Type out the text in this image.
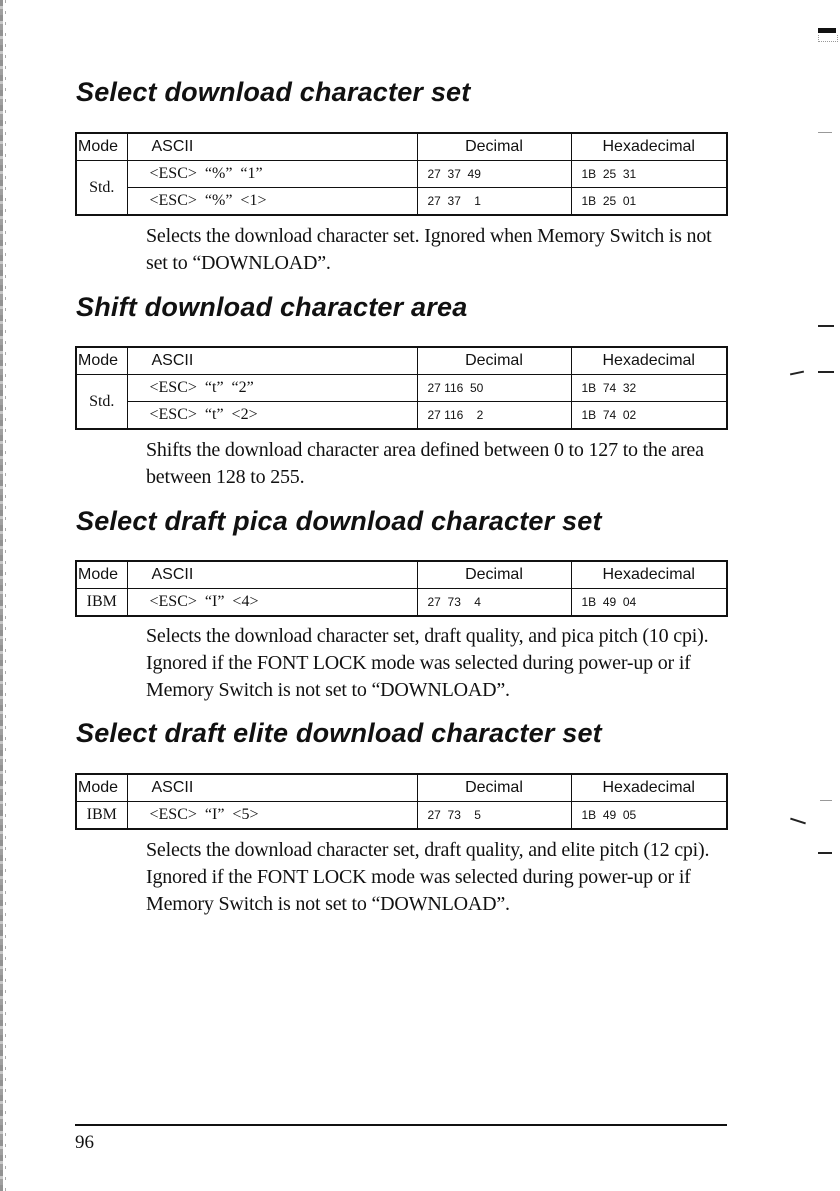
Select download character set
Mode	ASCII	Decimal	Hexadecimal
Std.	<ESC>  “%”  “1”	27  37  49	1B  25  31
	<ESC>  “%”  <1>	27  37    1	1B  25  01

Selects the download character set. Ignored when Memory Switch is not set to “DOWNLOAD”.

Shift download character area
Mode	ASCII	Decimal	Hexadecimal
Std.	<ESC>  “t”  “2”	27 116  50	1B  74  32
	<ESC>  “t”  <2>	27 116    2	1B  74  02

Shifts the download character area defined between 0 to 127 to the area between 128 to 255.

Select draft pica download character set
Mode	ASCII	Decimal	Hexadecimal
IBM	<ESC>  “I”  <4>	27  73    4	1B  49  04

Selects the download character set, draft quality, and pica pitch (10 cpi). Ignored if the FONT LOCK mode was selected during power-up or if Memory Switch is not set to “DOWNLOAD”.

Select draft elite download character set
Mode	ASCII	Decimal	Hexadecimal
IBM	<ESC>  “I”  <5>	27  73    5	1B  49  05

Selects the download character set, draft quality, and elite pitch (12 cpi). Ignored if the FONT LOCK mode was selected during power-up or if Memory Switch is not set to “DOWNLOAD”.

96
